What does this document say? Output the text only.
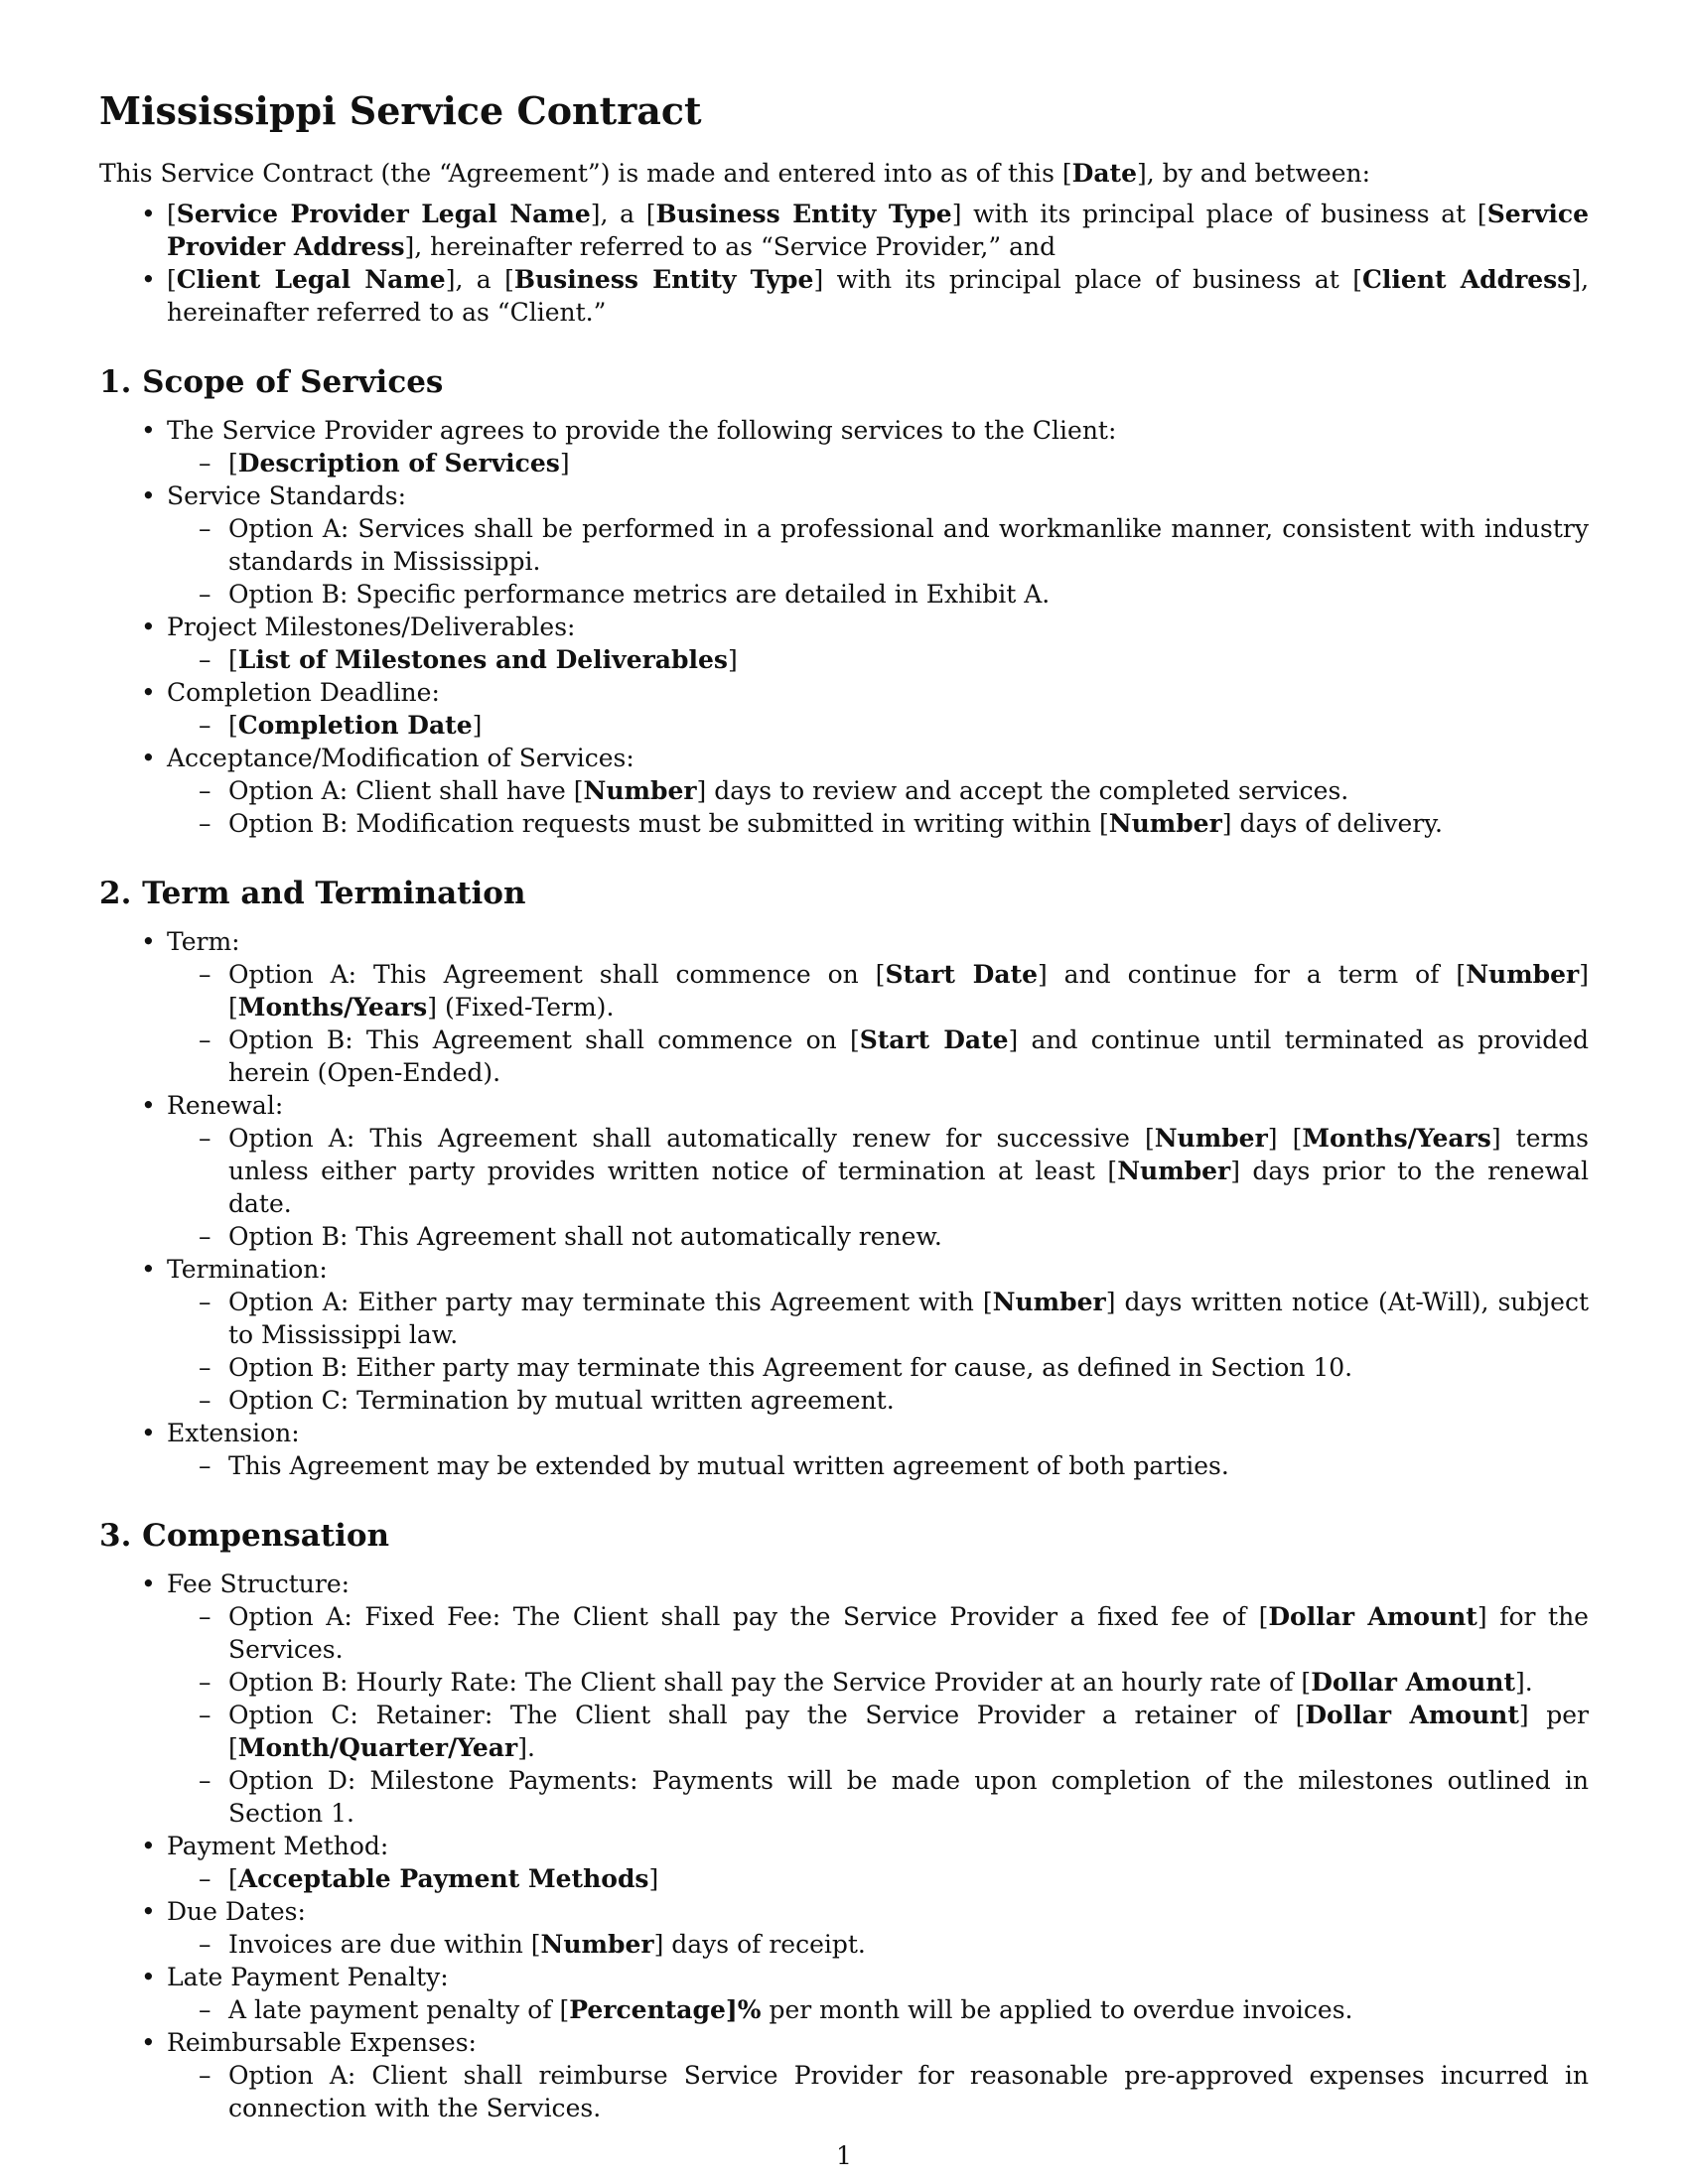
Mississippi Service Contract

This Service Contract (the “Agreement”) is made and entered into as of this [Date], by and between:

• [Service Provider Legal Name], a [Business Entity Type] with its principal place of business at [Service Provider Address], hereinafter referred to as “Service Provider,” and
• [Client Legal Name], a [Business Entity Type] with its principal place of business at [Client Address], hereinafter referred to as “Client.”
1. Scope of Services
• The Service Provider agrees to provide the following services to the Client:
– [Description of Services]
• Service Standards:
– Option A: Services shall be performed in a professional and workmanlike manner, consistent with industry standards in Mississippi.
– Option B: Specific performance metrics are detailed in Exhibit A.
• Project Milestones/Deliverables:
– [List of Milestones and Deliverables]
• Completion Deadline:
– [Completion Date]
• Acceptance/Modification of Services:
– Option A: Client shall have [Number] days to review and accept the completed services.
– Option B: Modification requests must be submitted in writing within [Number] days of delivery.
2. Term and Termination
• Term:
– Option A: This Agreement shall commence on [Start Date] and continue for a term of [Number] [Months/Years] (Fixed-Term).
– Option B: This Agreement shall commence on [Start Date] and continue until terminated as provided herein (Open-Ended).
• Renewal:
– Option A: This Agreement shall automatically renew for successive [Number] [Months/Years] terms unless either party provides written notice of termination at least [Number] days prior to the renewal date.
– Option B: This Agreement shall not automatically renew.
• Termination:
– Option A: Either party may terminate this Agreement with [Number] days written notice (At-Will), subject to Mississippi law.
– Option B: Either party may terminate this Agreement for cause, as defined in Section 10.
– Option C: Termination by mutual written agreement.
• Extension:
– This Agreement may be extended by mutual written agreement of both parties.
3. Compensation
• Fee Structure:
– Option A: Fixed Fee: The Client shall pay the Service Provider a fixed fee of [Dollar Amount] for the Services.
– Option B: Hourly Rate: The Client shall pay the Service Provider at an hourly rate of [Dollar Amount].
– Option C: Retainer: The Client shall pay the Service Provider a retainer of [Dollar Amount] per [Month/Quarter/Year].
– Option D: Milestone Payments: Payments will be made upon completion of the milestones outlined in Section 1.
• Payment Method:
– [Acceptable Payment Methods]
• Due Dates:
– Invoices are due within [Number] days of receipt.
• Late Payment Penalty:
– A late payment penalty of [Percentage]% per month will be applied to overdue invoices.
• Reimbursable Expenses:
– Option A: Client shall reimburse Service Provider for reasonable pre-approved expenses incurred in connection with the Services.
1
